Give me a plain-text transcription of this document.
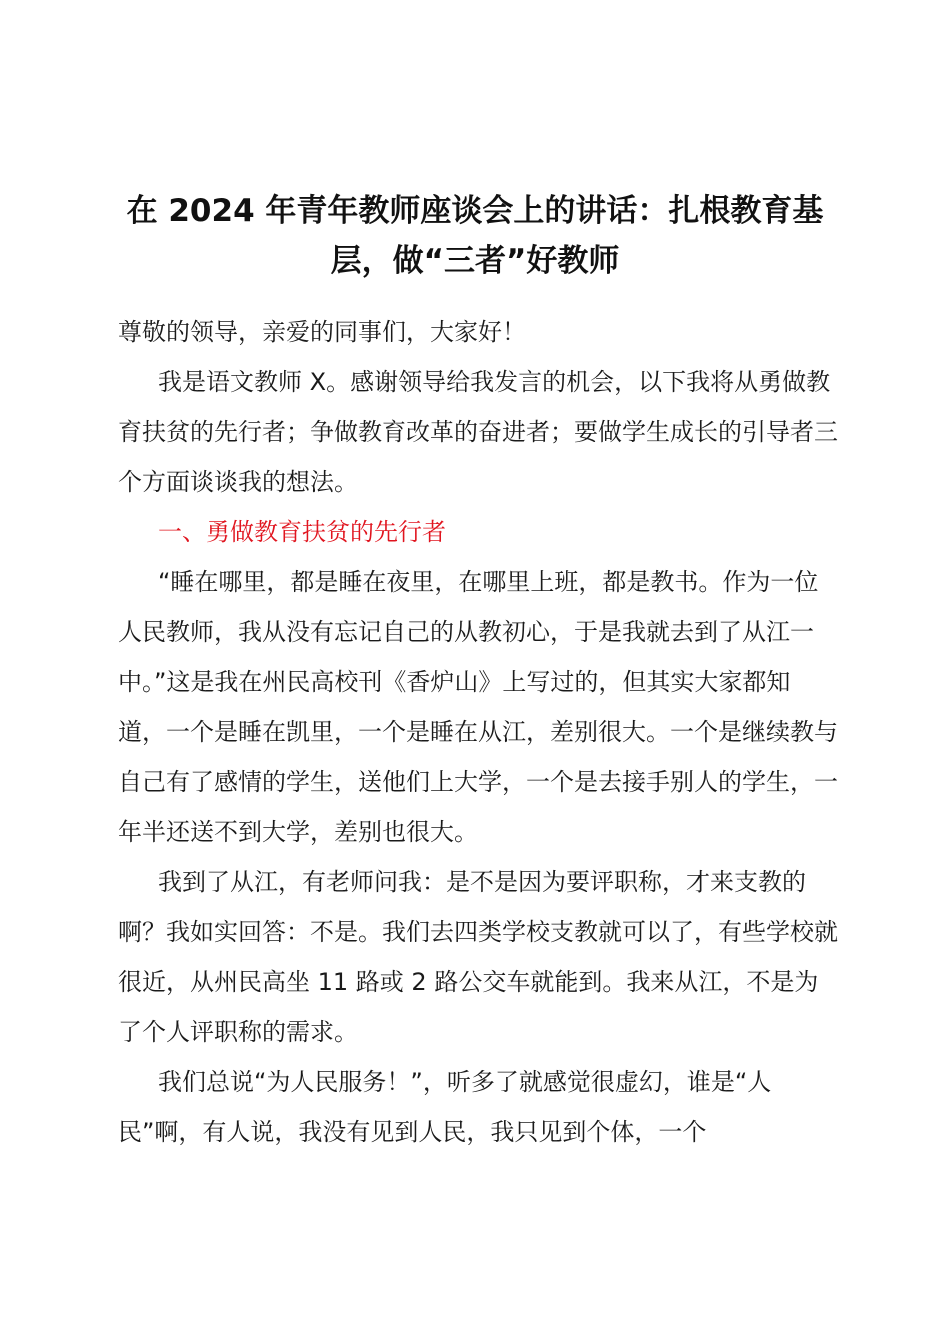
在 2024 年青年教师座谈会上的讲话：扎根教育基层，做“三者”好教师

尊敬的领导，亲爱的同事们，大家好！

我是语文教师 X。感谢领导给我发言的机会，以下我将从勇做教育扶贫的先行者；争做教育改革的奋进者；要做学生成长的引导者三个方面谈谈我的想法。

一、勇做教育扶贫的先行者

“睡在哪里，都是睡在夜里，在哪里上班，都是教书。作为一位人民教师，我从没有忘记自己的从教初心，于是我就去到了从江一中。”这是我在州民高校刊《香炉山》上写过的，但其实大家都知道，一个是睡在凯里，一个是睡在从江，差别很大。一个是继续教与自己有了感情的学生，送他们上大学，一个是去接手别人的学生，一年半还送不到大学，差别也很大。

我到了从江，有老师问我：是不是因为要评职称，才来支教的啊？我如实回答：不是。我们去四类学校支教就可以了，有些学校就很近，从州民高坐 11 路或 2 路公交车就能到。我来从江，不是为了个人评职称的需求。

我们总说“为人民服务！”，听多了就感觉很虚幻，谁是“人民”啊，有人说，我没有见到人民，我只见到个体，一个
